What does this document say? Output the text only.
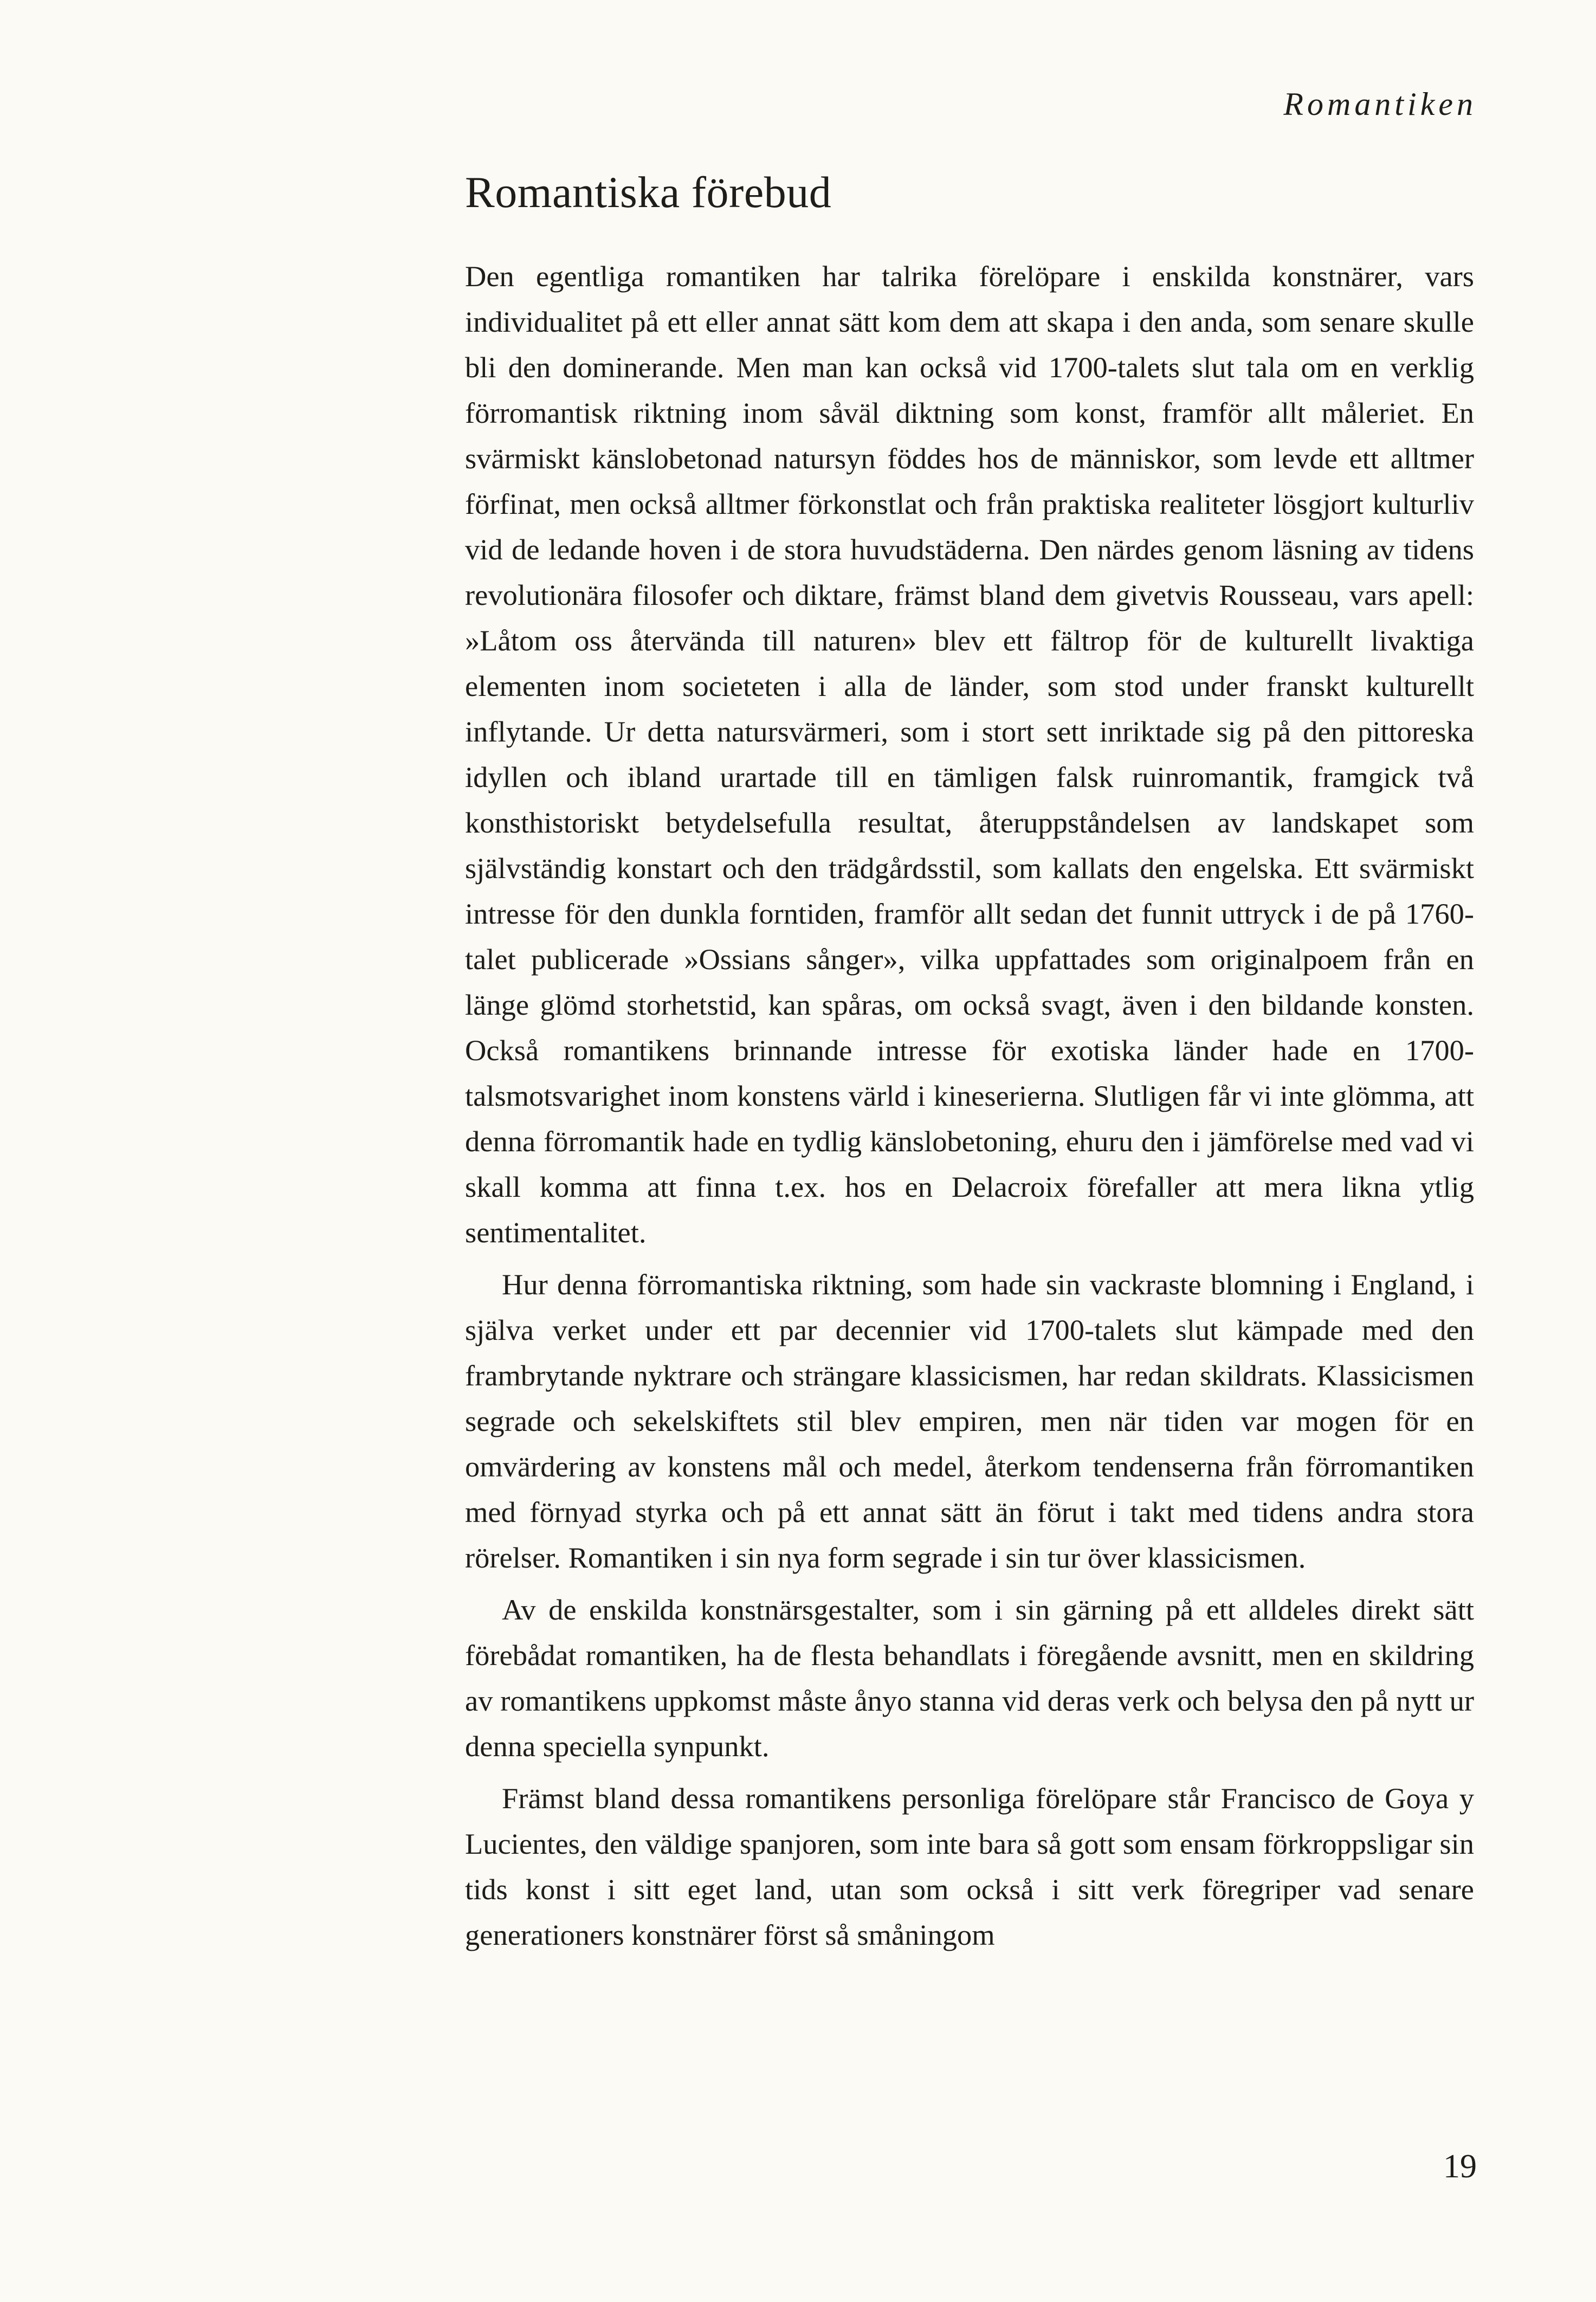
Romantiken
Romantiska förebud

Den egentliga romantiken har talrika förelöpare i enskilda konstnärer, vars individualitet på ett eller annat sätt kom dem att skapa i den anda, som senare skulle bli den dominerande. Men man kan också vid 1700-talets slut tala om en verklig förromantisk riktning inom såväl diktning som konst, framför allt måleriet. En svärmiskt känslobetonad natursyn föddes hos de människor, som levde ett alltmer förfinat, men också alltmer förkonstlat och från praktiska realiteter lösgjort kulturliv vid de ledande hoven i de stora huvudstäderna. Den närdes genom läsning av tidens revolutionära filosofer och diktare, främst bland dem givetvis Rousseau, vars apell: »Låtom oss återvända till naturen» blev ett fältrop för de kulturellt livaktiga elementen inom societeten i alla de länder, som stod under franskt kulturellt inflytande. Ur detta natursvärmeri, som i stort sett inriktade sig på den pittoreska idyllen och ibland urartade till en tämligen falsk ruinromantik, framgick två konsthistoriskt betydelsefulla resultat, återuppståndelsen av landskapet som självständig konstart och den trädgårdsstil, som kallats den engelska. Ett svärmiskt intresse för den dunkla forntiden, framför allt sedan det funnit uttryck i de på 1760-talet publicerade »Ossians sånger», vilka uppfattades som originalpoem från en länge glömd storhetstid, kan spåras, om också svagt, även i den bildande konsten. Också romantikens brinnande intresse för exotiska länder hade en 1700-talsmotsvarighet inom konstens värld i kineserierna. Slutligen får vi inte glömma, att denna förromantik hade en tydlig känslobetoning, ehuru den i jämförelse med vad vi skall komma att finna t.ex. hos en Delacroix förefaller att mera likna ytlig sentimentalitet.

Hur denna förromantiska riktning, som hade sin vackraste blomning i England, i själva verket under ett par decennier vid 1700-talets slut kämpade med den frambrytande nyktrare och strängare klassicismen, har redan skildrats. Klassicismen segrade och sekelskiftets stil blev empiren, men när tiden var mogen för en omvärdering av konstens mål och medel, återkom tendenserna från förromantiken med förnyad styrka och på ett annat sätt än förut i takt med tidens andra stora rörelser. Romantiken i sin nya form segrade i sin tur över klassicismen.

Av de enskilda konstnärsgestalter, som i sin gärning på ett alldeles direkt sätt förebådat romantiken, ha de flesta behandlats i föregående avsnitt, men en skildring av romantikens uppkomst måste ånyo stanna vid deras verk och belysa den på nytt ur denna speciella synpunkt.

Främst bland dessa romantikens personliga förelöpare står Francisco de Goya y Lucientes, den väldige spanjoren, som inte bara så gott som ensam förkroppsligar sin tids konst i sitt eget land, utan som också i sitt verk föregriper vad senare generationers konstnärer först så småningom

19
